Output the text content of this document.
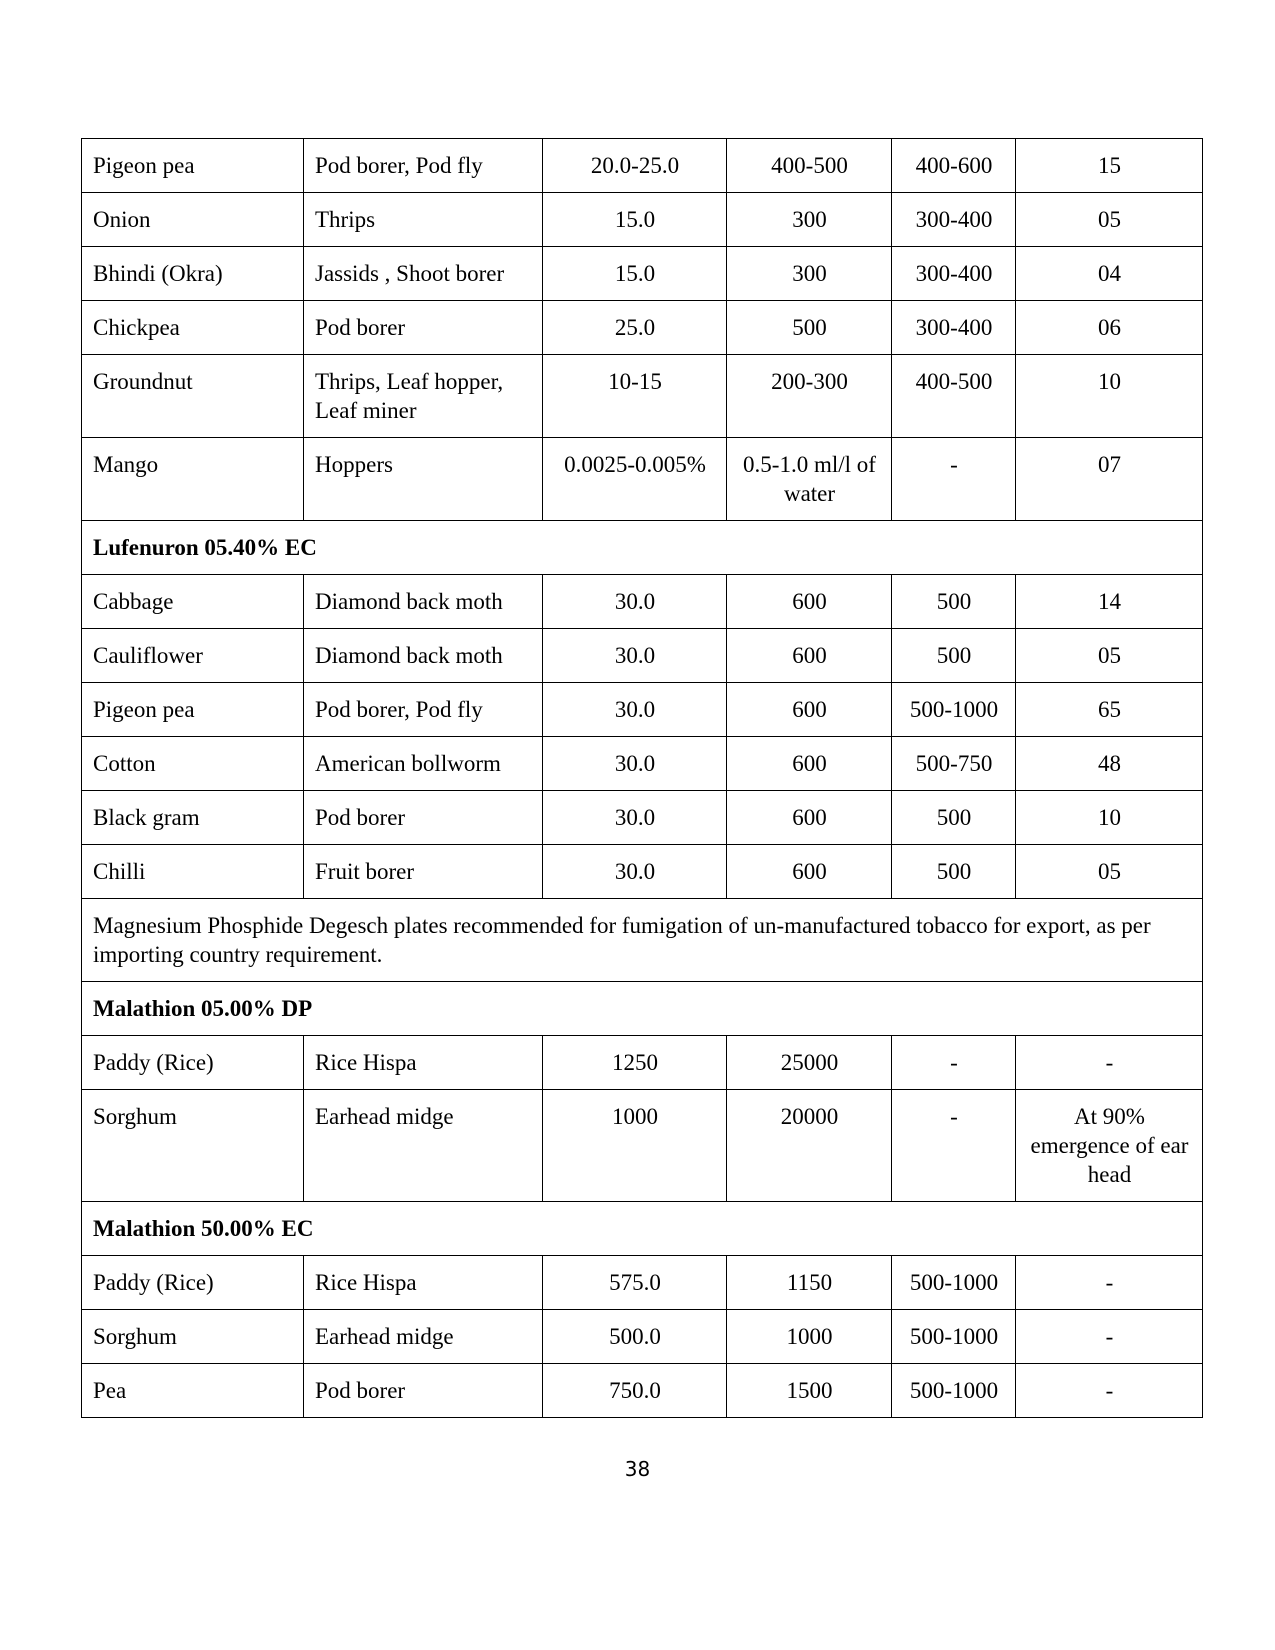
Pigeon pea	Pod borer, Pod fly	20.0-25.0	400-500	400-600	15
Onion	Thrips	15.0	300	300-400	05
Bhindi (Okra)	Jassids , Shoot borer	15.0	300	300-400	04
Chickpea	Pod borer	25.0	500	300-400	06
Groundnut	Thrips, Leaf hopper, Leaf miner	10-15	200-300	400-500	10
Mango	Hoppers	0.0025-0.005%	0.5-1.0 ml/l of water	-	07
Lufenuron 05.40% EC					
Cabbage	Diamond back moth	30.0	600	500	14
Cauliflower	Diamond back moth	30.0	600	500	05
Pigeon pea	Pod borer, Pod fly	30.0	600	500-1000	65
Cotton	American bollworm	30.0	600	500-750	48
Black gram	Pod borer	30.0	600	500	10
Chilli	Fruit borer	30.0	600	500	05
Magnesium Phosphide Degesch plates recommended for fumigation of un-manufactured tobacco for export, as per importing country requirement.					
Malathion 05.00% DP					
Paddy (Rice)	Rice Hispa	1250	25000	-	-
Sorghum	Earhead midge	1000	20000	-	At 90% emergence of ear head
Malathion 50.00% EC					
Paddy (Rice)	Rice Hispa	575.0	1150	500-1000	-
Sorghum	Earhead midge	500.0	1000	500-1000	-
Pea	Pod borer	750.0	1500	500-1000	-
38
